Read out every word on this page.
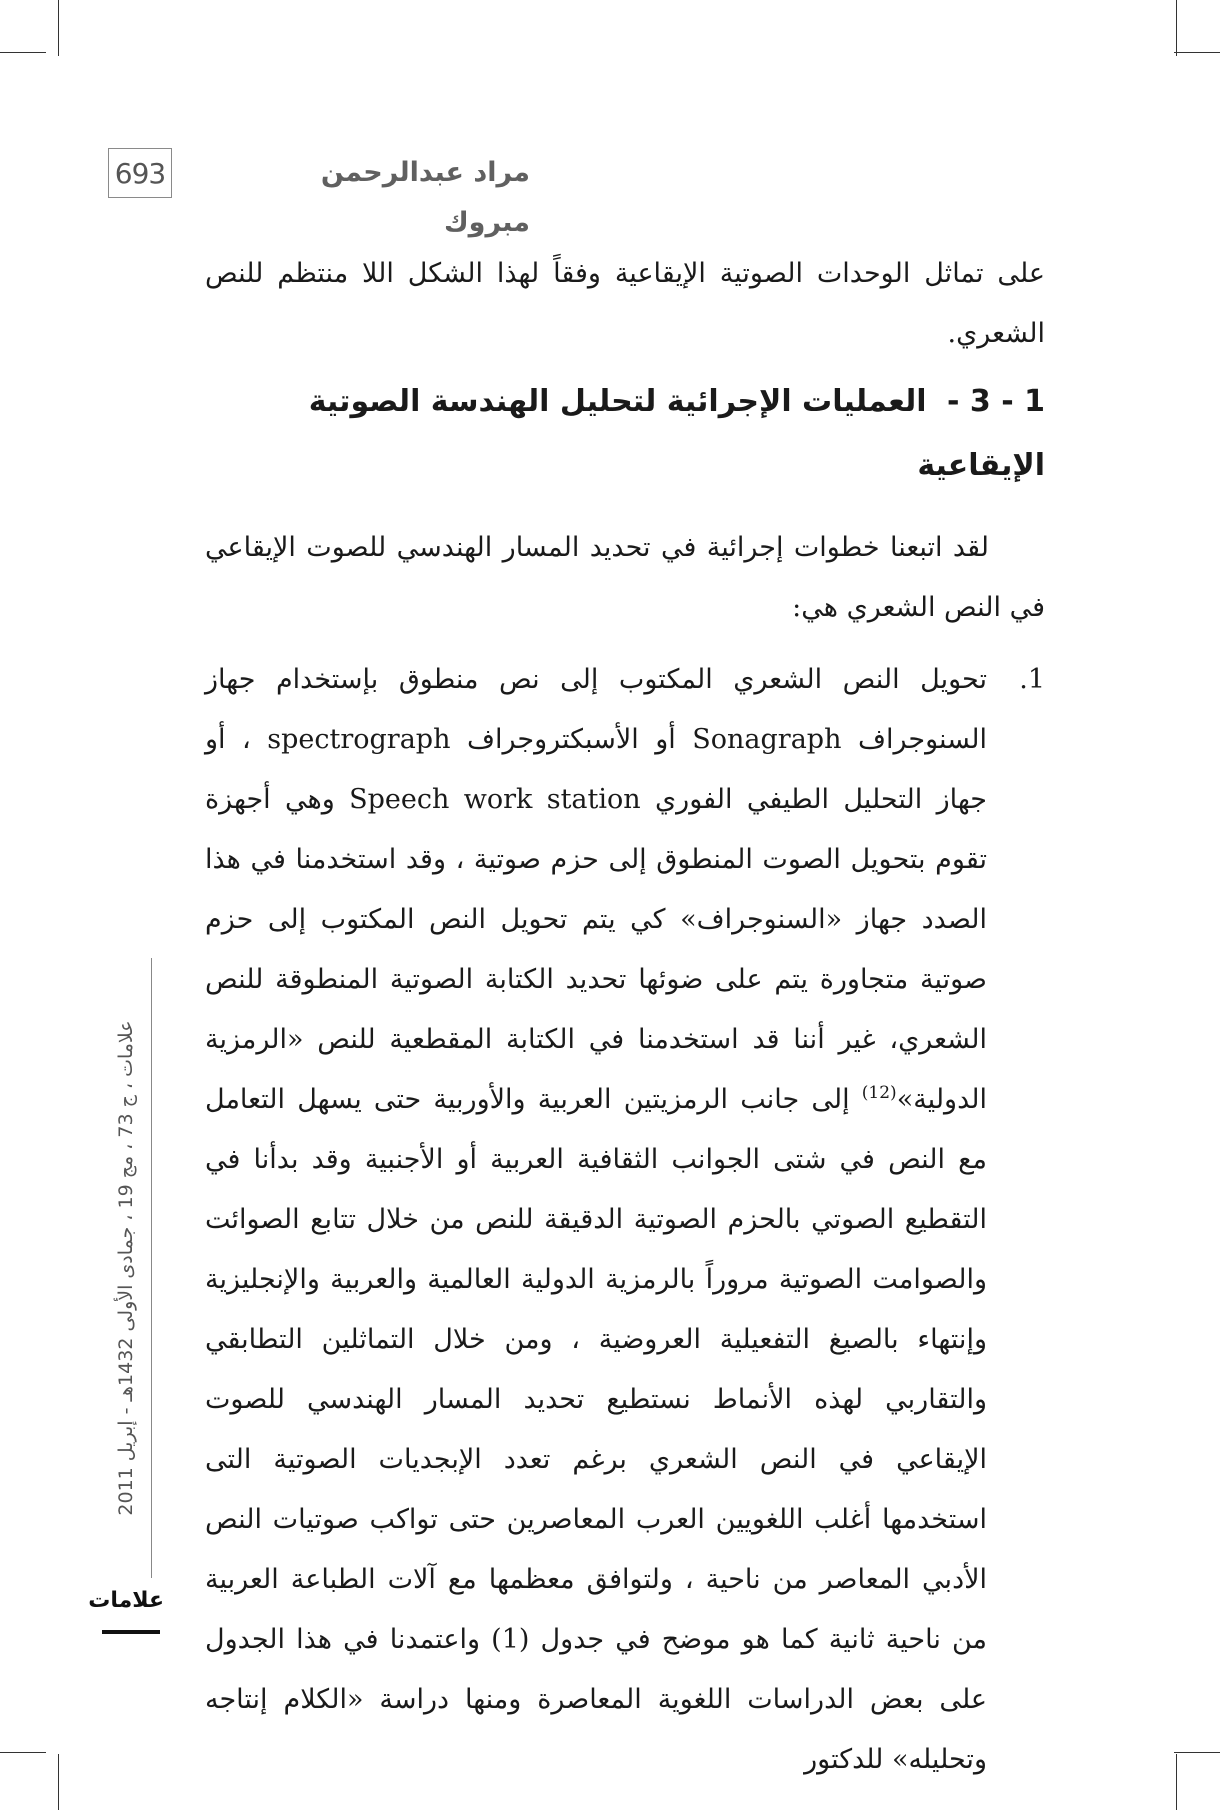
693	مراد عبدالرحمن مبروك

على تماثل الوحدات الصوتية الإيقاعية وفقاً لهذا الشكل اللا منتظم للنص الشعري.

1 - 3 - العمليات الإجرائية لتحليل الهندسة الصوتية الإيقاعية

لقد اتبعنا خطوات إجرائية في تحديد المسار الهندسي للصوت الإيقاعي في النص الشعري هي:

1.

تحويل النص الشعري المكتوب إلى نص منطوق بإستخدام جهاز السنوجراف Sonagraph أو الأسبكتروجراف spectrograph ، أو جهاز التحليل الطيفي الفوري Speech work station وهي أجهزة تقوم بتحويل الصوت المنطوق إلى حزم صوتية ، وقد استخدمنا في هذا الصدد جهاز «السنوجراف» كي يتم تحويل النص المكتوب إلى حزم صوتية متجاورة يتم على ضوئها تحديد الكتابة الصوتية المنطوقة للنص الشعري، غير أننا قد استخدمنا في الكتابة المقطعية للنص «الرمزية الدولية»$^{(12)}$ إلى جانب الرمزيتين العربية والأوربية حتى يسهل التعامل مع النص في شتى الجوانب الثقافية العربية أو الأجنبية وقد بدأنا في التقطيع الصوتي بالحزم الصوتية الدقيقة للنص من خلال تتابع الصوائت والصوامت الصوتية مروراً بالرمزية الدولية العالمية والعربية والإنجليزية وإنتهاء بالصيغ التفعيلية العروضية ، ومن خلال التماثلين التطابقي والتقاربي لهذه الأنماط نستطيع تحديد المسار الهندسي للصوت الإيقاعي في النص الشعري برغم تعدد الإبجديات الصوتية التى استخدمها أغلب اللغويين العرب المعاصرين حتى تواكب صوتيات النص الأدبي المعاصر من ناحية ، ولتوافق معظمها مع آلات الطباعة العربية من ناحية ثانية كما هو موضح في جدول (1) واعتمدنا في هذا الجدول على بعض الدراسات اللغوية المعاصرة ومنها دراسة «الكلام إنتاجه وتحليله» للدكتور

علامات ، ج 73 ، مج 19 ، جمادى الأولى 1432هـ - إبريل 2011
علامات
